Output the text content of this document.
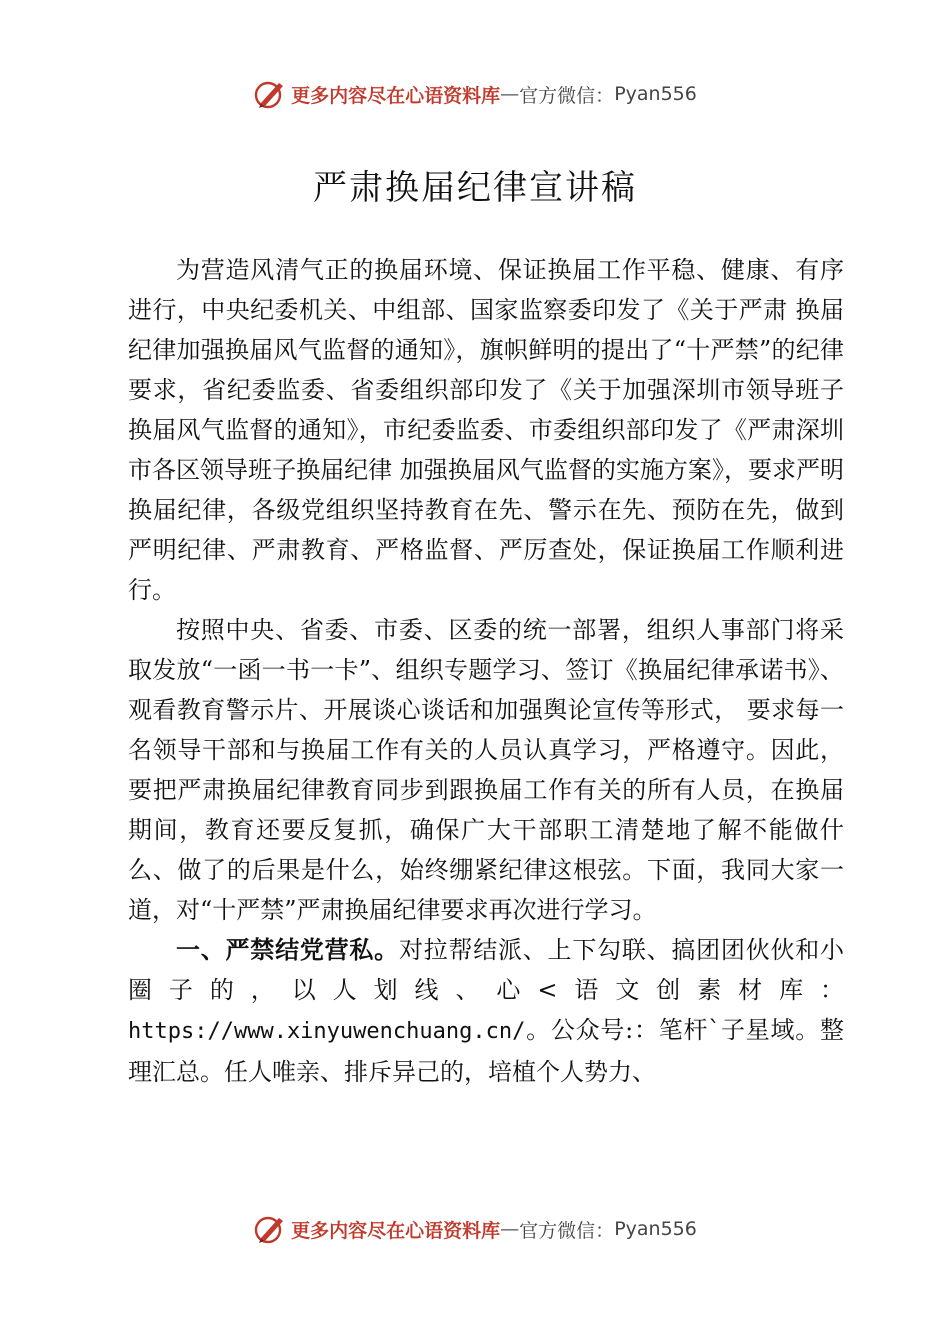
更多内容尽在心语资料库 — 官方微信： Pyan556
严肃换届纪律宣讲稿

为营造风清气正的换届环境、保证换届工作平稳、健康、有序进行，中央纪委机关、中组部、国家监察委印发了《关于严肃 换届纪律加强换届风气监督的通知》，旗帜鲜明的提出了“十严禁”的纪律要求，省纪委监委、省委组织部印发了《关于加强深圳市领导班子换届风气监督的通知》，市纪委监委、市委组织部印发了《严肃深圳市各区领导班子换届纪律 加强换届风气监督的实施方案》，要求严明换届纪律，各级党组织坚持教育在先、警示在先、预防在先，做到严明纪律、严肃教育、严格监督、严厉查处，保证换届工作顺利进行。

按照中央、省委、市委、区委的统一部署，组织人事部门将采取发放“一函一书一卡”、组织专题学习、签订《换届纪律承诺书》、观看教育警示片、开展谈心谈话和加强舆论宣传等形式， 要求每一名领导干部和与换届工作有关的人员认真学习，严格遵守。因此，要把严肃换届纪律教育同步到跟换届工作有关的所有人员，在换届期间，教育还要反复抓，确保广大干部职工清楚地了解不能做什么、做了的后果是什么，始终绷紧纪律这根弦。下面，我同大家一道，对“十严禁”严肃换届纪律要求再次进行学习。

一、严禁结党营私。对拉帮结派、上下勾联、搞团团伙伙和小圈子的，以人划线、心<语文创素材库：https://www.xinyuwenchuang.cn/。公众号:：笔杆`子星域。整理汇总。任人唯亲、排斥异己的，培植个人势力、

更多内容尽在心语资料库 — 官方微信： Pyan556
